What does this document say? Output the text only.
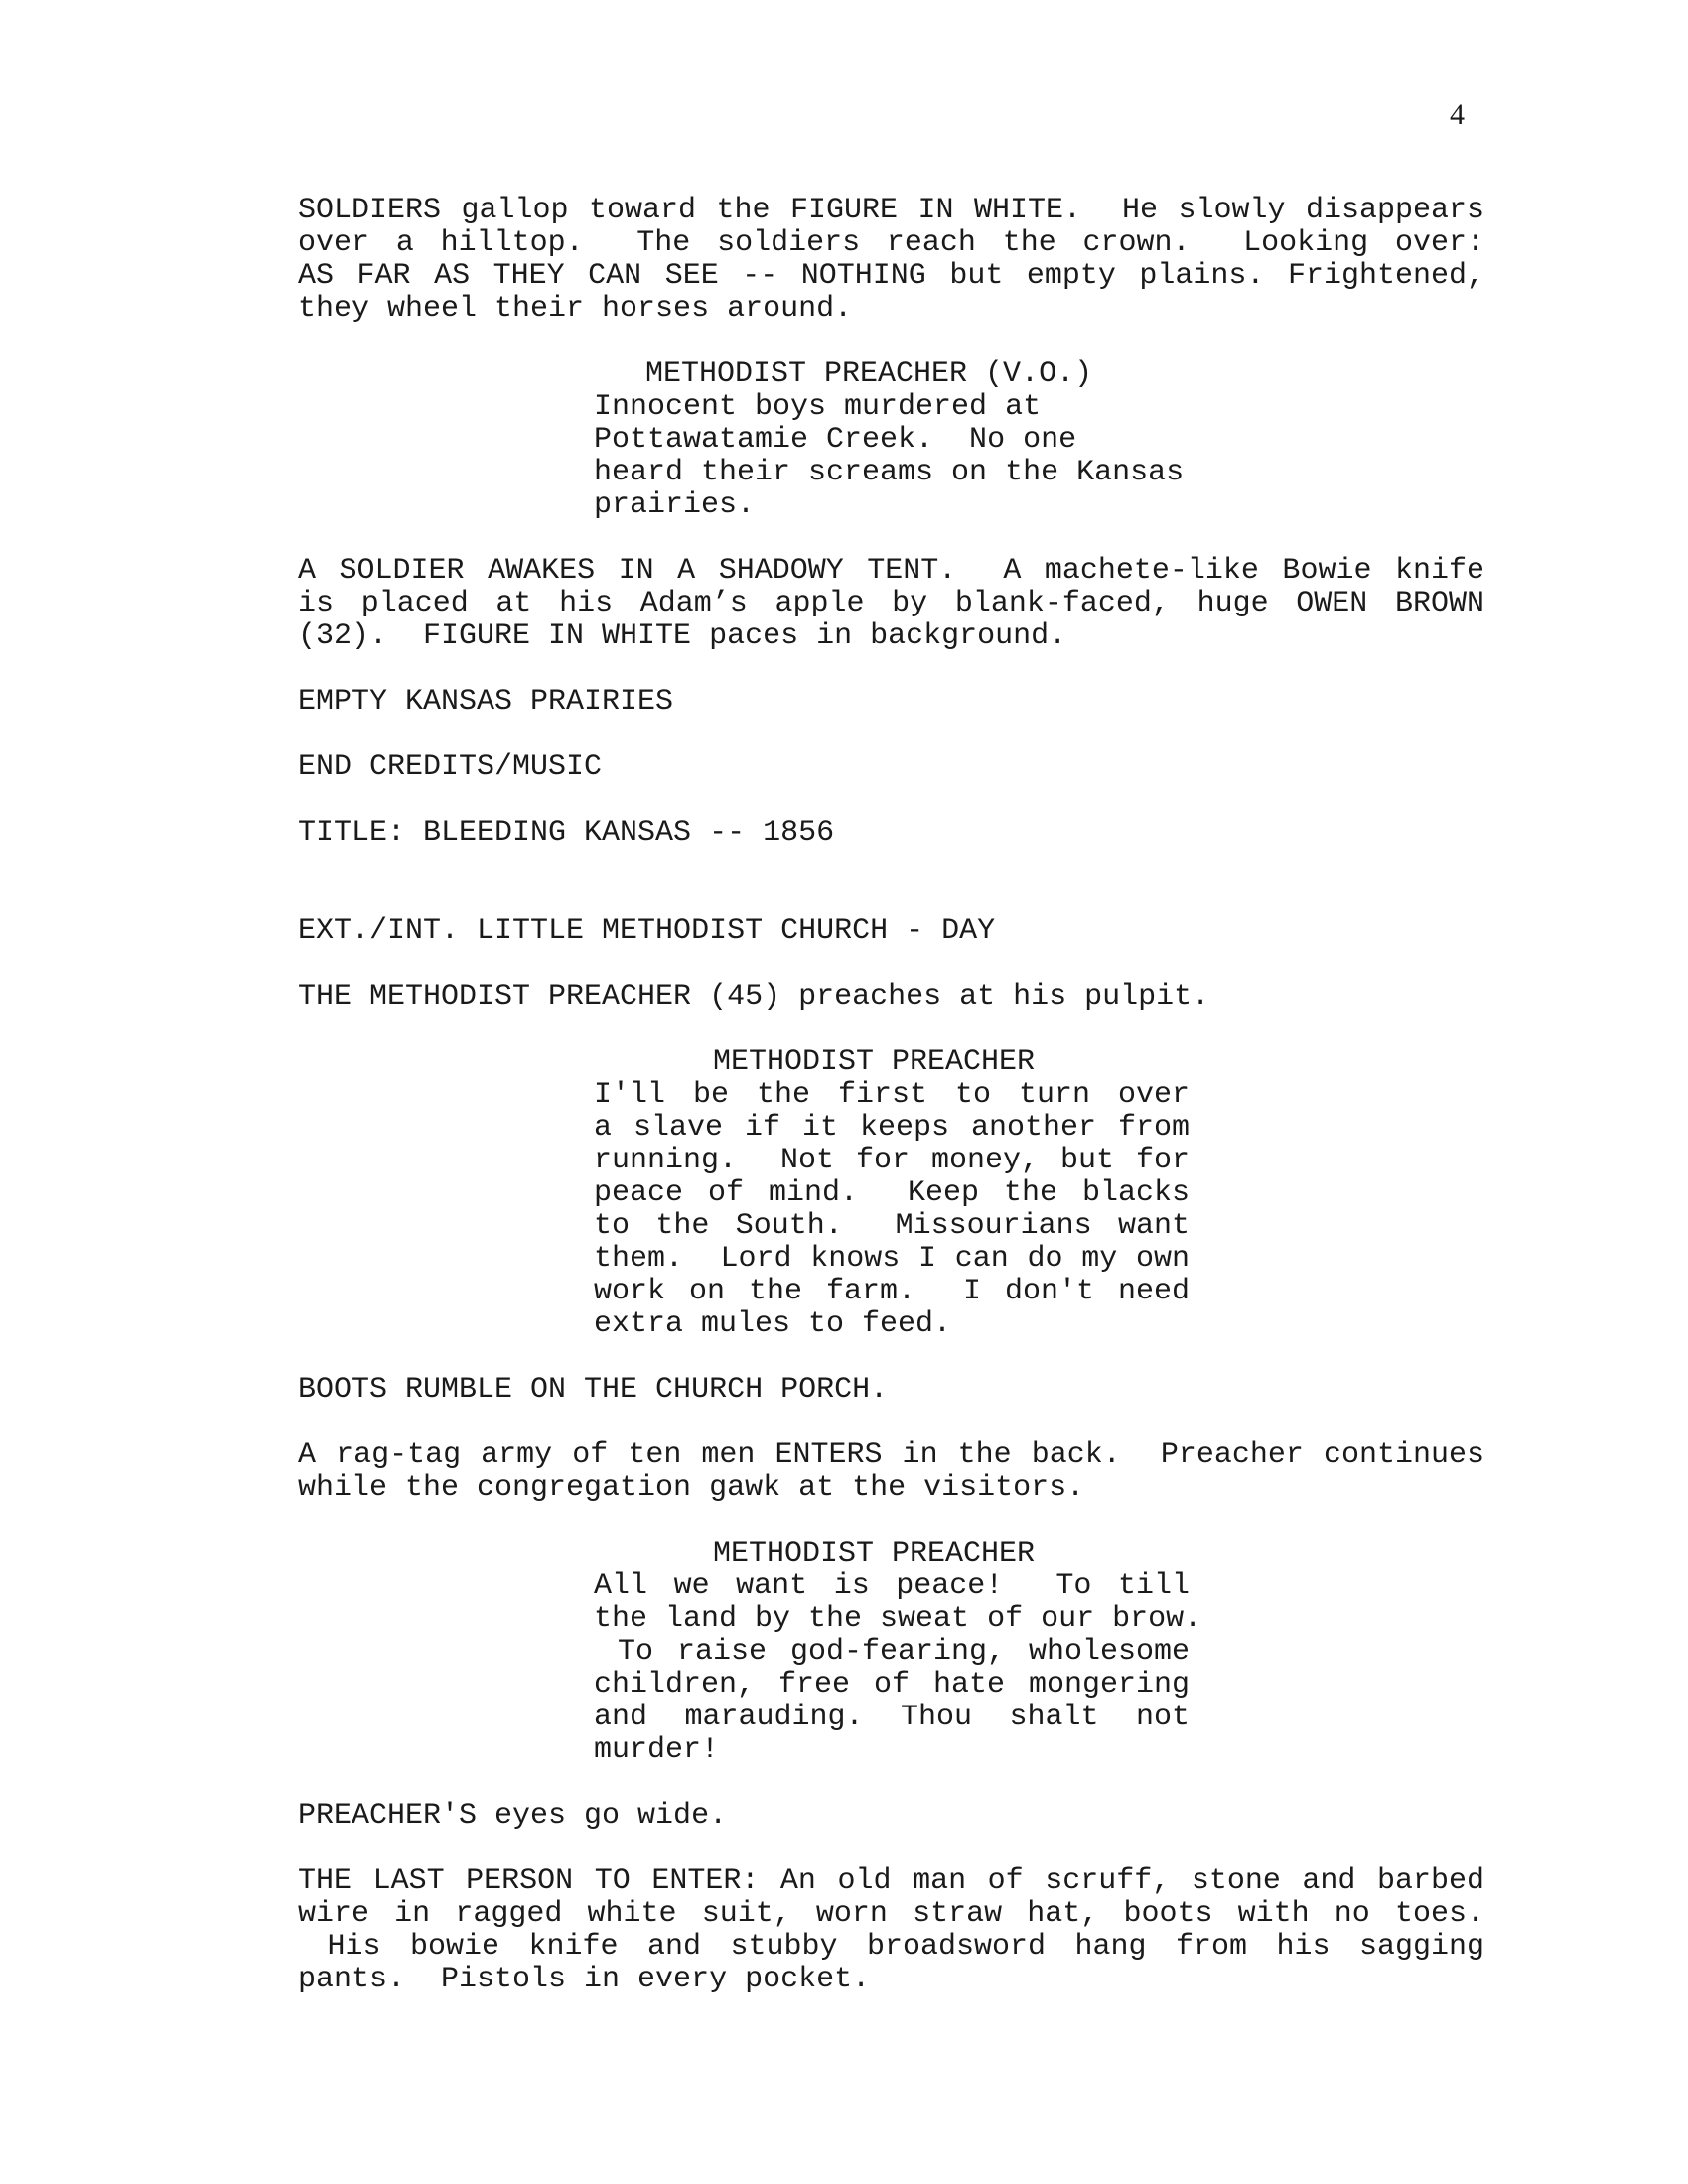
4
SOLDIERS gallop toward the FIGURE IN WHITE.  He slowly disappears
over a hilltop.  The soldiers reach the crown.  Looking over:
AS FAR AS THEY CAN SEE -- NOTHING but empty plains. Frightened,
they wheel their horses around.
METHODIST PREACHER (V.O.)
Innocent boys murdered at
Pottawatamie Creek.  No one
heard their screams on the Kansas
prairies.
A SOLDIER AWAKES IN A SHADOWY TENT.  A machete-like Bowie knife
is placed at his Adam’s apple by blank-faced, huge OWEN BROWN
(32).  FIGURE IN WHITE paces in background.
EMPTY KANSAS PRAIRIES
END CREDITS/MUSIC
TITLE: BLEEDING KANSAS -- 1856
EXT./INT. LITTLE METHODIST CHURCH - DAY
THE METHODIST PREACHER (45) preaches at his pulpit.
METHODIST PREACHER
I'll be the first to turn over
a slave if it keeps another from
running.  Not for money, but for
peace of mind.  Keep the blacks
to the South.  Missourians want
them.  Lord knows I can do my own
work on the farm.  I don't need
extra mules to feed.
BOOTS RUMBLE ON THE CHURCH PORCH.
A rag-tag army of ten men ENTERS in the back.  Preacher continues
while the congregation gawk at the visitors.
METHODIST PREACHER
All we want is peace!  To till
the land by the sweat of our brow.
To raise god-fearing, wholesome
children, free of hate mongering
and marauding. Thou shalt not
murder!
PREACHER'S eyes go wide.
THE LAST PERSON TO ENTER: An old man of scruff, stone and barbed
wire in ragged white suit, worn straw hat, boots with no toes.
His bowie knife and stubby broadsword hang from his sagging
pants.  Pistols in every pocket.
